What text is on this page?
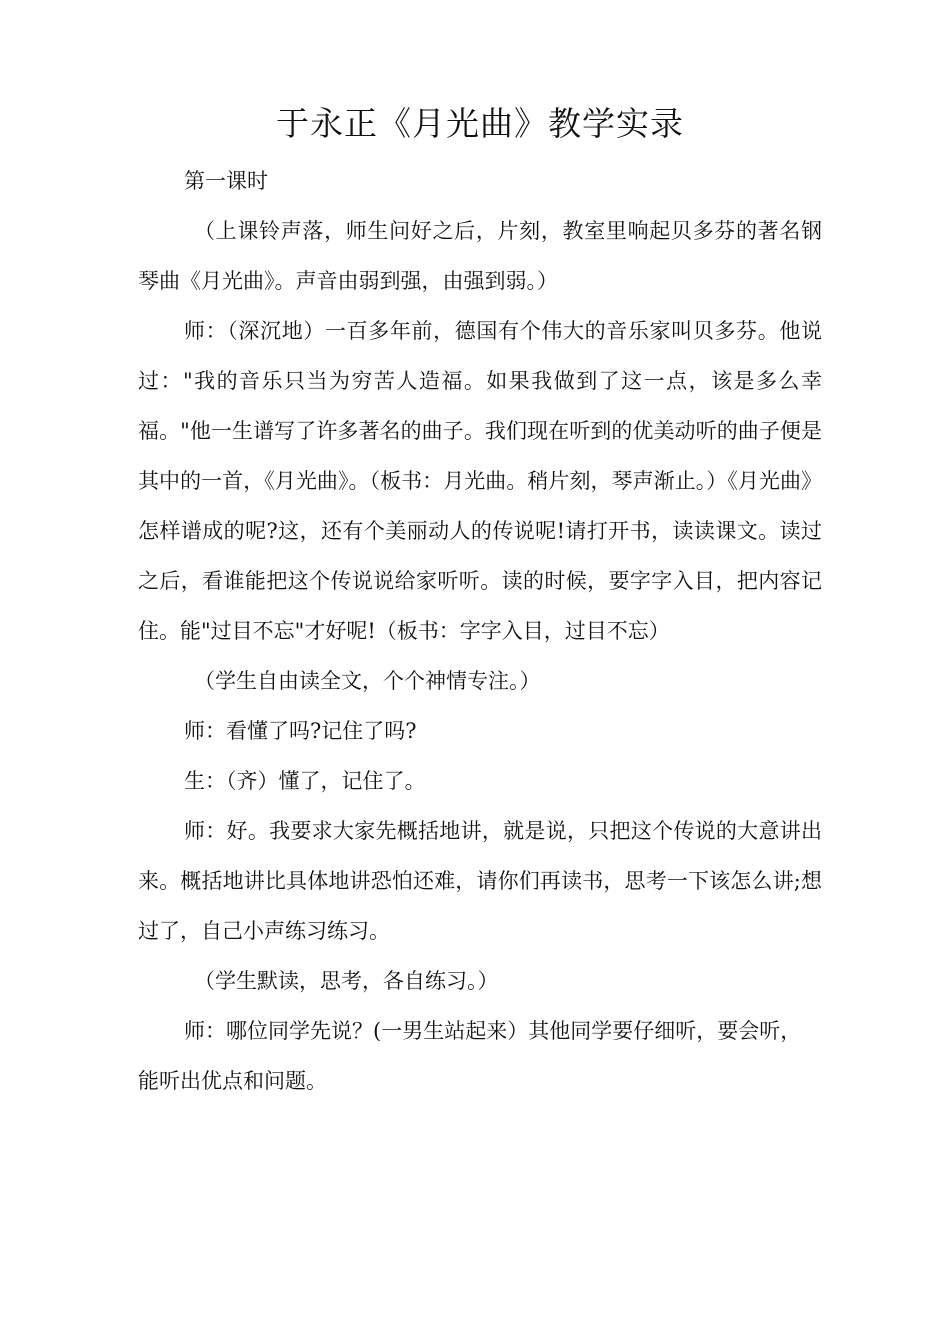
于永正《月光曲》教学实录

第一课时

（上课铃声落，师生问好之后，片刻，教室里响起贝多芬的著名钢琴曲《月光曲》。声音由弱到强，由强到弱。）

师：（深沉地）一百多年前，德国有个伟大的音乐家叫贝多芬。他说过："我的音乐只当为穷苦人造福。如果我做到了这一点，该是多么幸福。"他一生谱写了许多著名的曲子。我们现在听到的优美动听的曲子便是其中的一首，《月光曲》。（板书：月光曲。稍片刻，琴声渐止。）《月光曲》怎样谱成的呢?这，还有个美丽动人的传说呢!请打开书，读读课文。读过之后，看谁能把这个传说说给家听听。读的时候，要字字入目，把内容记住。能"过目不忘"才好呢!（板书：字字入目，过目不忘）

（学生自由读全文，个个神情专注。）

师：看懂了吗?记住了吗?

生：（齐）懂了，记住了。

师：好。我要求大家先概括地讲，就是说，只把这个传说的大意讲出来。概括地讲比具体地讲恐怕还难，请你们再读书，思考一下该怎么讲;想过了，自己小声练习练习。

（学生默读，思考，各自练习。）

师：哪位同学先说？(一男生站起来）其他同学要仔细听，要会听，

能听出优点和问题。
